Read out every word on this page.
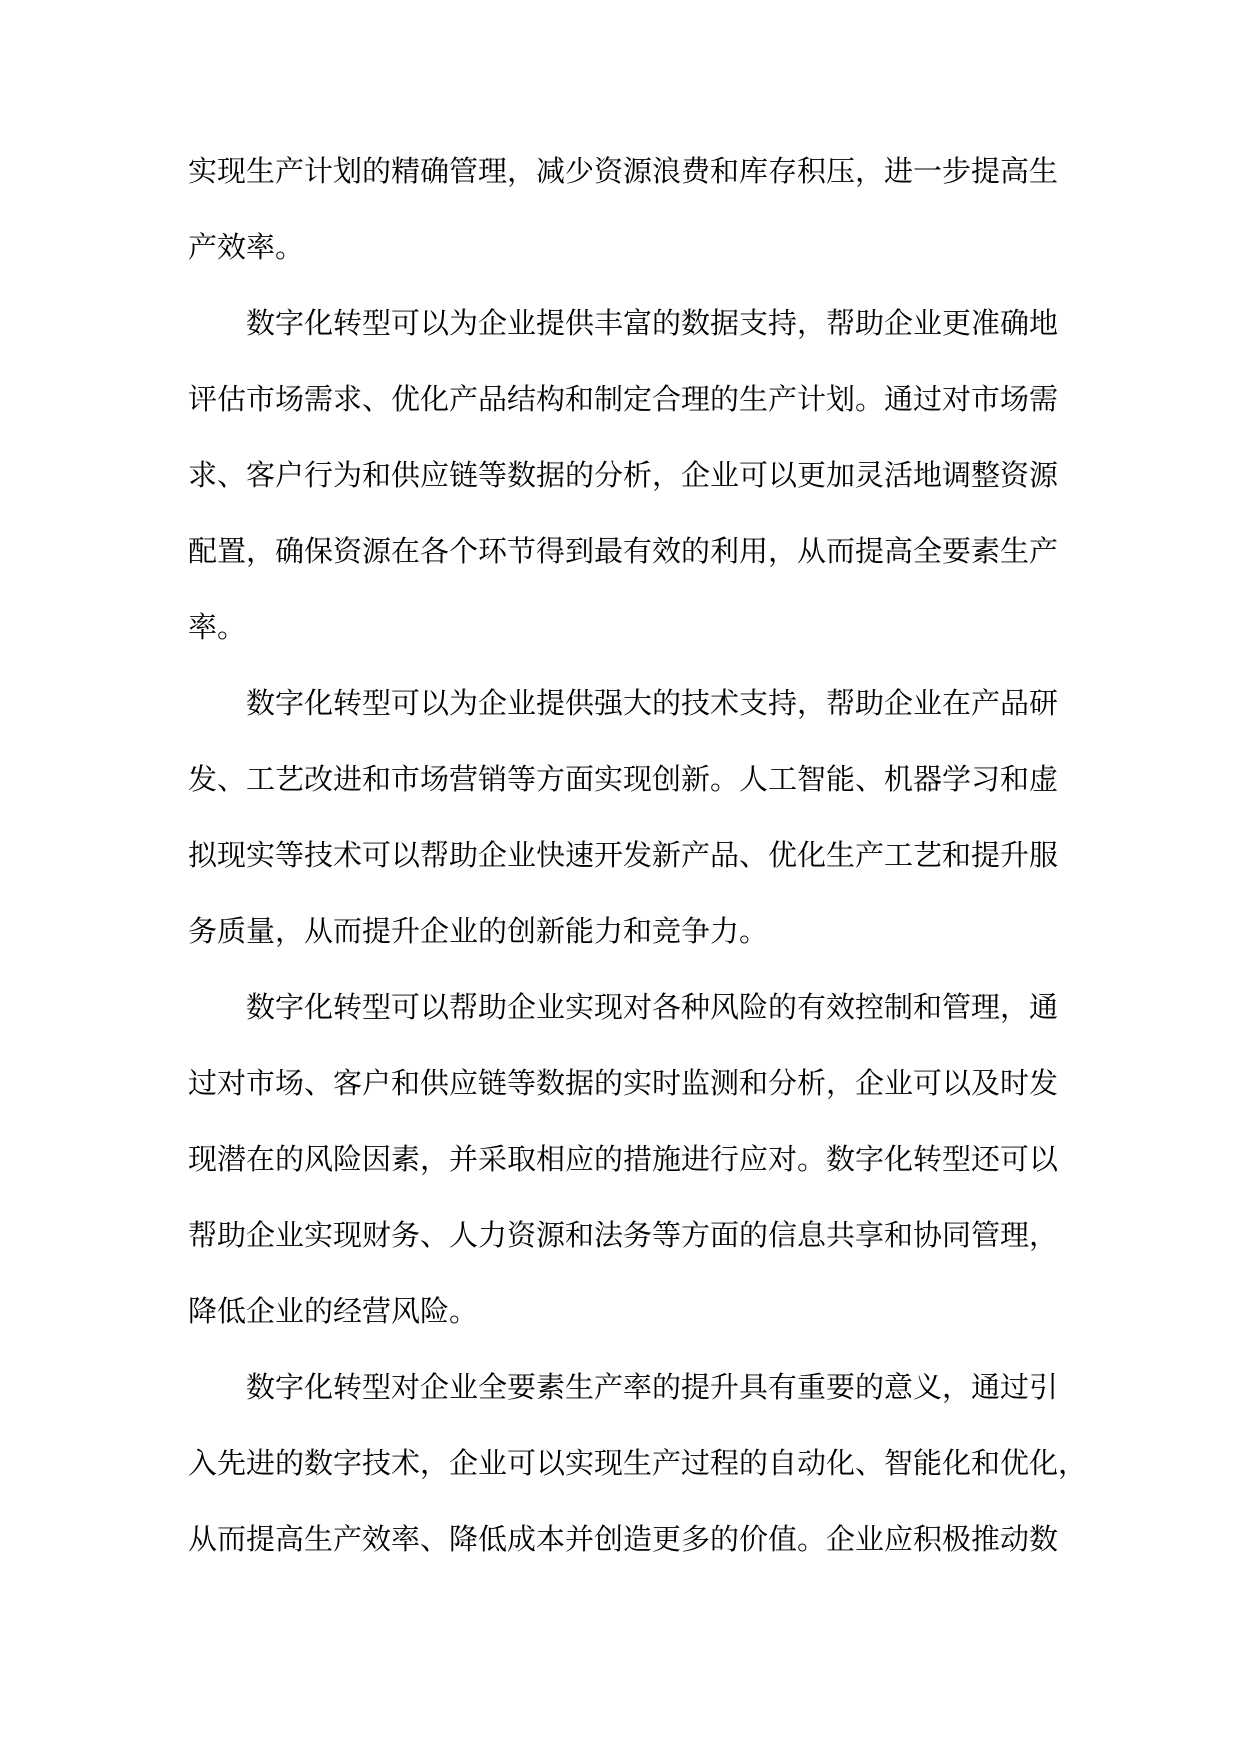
实现生产计划的精确管理，减少资源浪费和库存积压，进一步提高生
产效率。
数字化转型可以为企业提供丰富的数据支持，帮助企业更准确地
评估市场需求、优化产品结构和制定合理的生产计划。通过对市场需
求、客户行为和供应链等数据的分析，企业可以更加灵活地调整资源
配置，确保资源在各个环节得到最有效的利用，从而提高全要素生产
率。
数字化转型可以为企业提供强大的技术支持，帮助企业在产品研
发、工艺改进和市场营销等方面实现创新。人工智能、机器学习和虚
拟现实等技术可以帮助企业快速开发新产品、优化生产工艺和提升服
务质量，从而提升企业的创新能力和竞争力。
数字化转型可以帮助企业实现对各种风险的有效控制和管理，通
过对市场、客户和供应链等数据的实时监测和分析，企业可以及时发
现潜在的风险因素，并采取相应的措施进行应对。数字化转型还可以
帮助企业实现财务、人力资源和法务等方面的信息共享和协同管理，
降低企业的经营风险。
数字化转型对企业全要素生产率的提升具有重要的意义，通过引
入先进的数字技术，企业可以实现生产过程的自动化、智能化和优化，
从而提高生产效率、降低成本并创造更多的价值。企业应积极推动数
